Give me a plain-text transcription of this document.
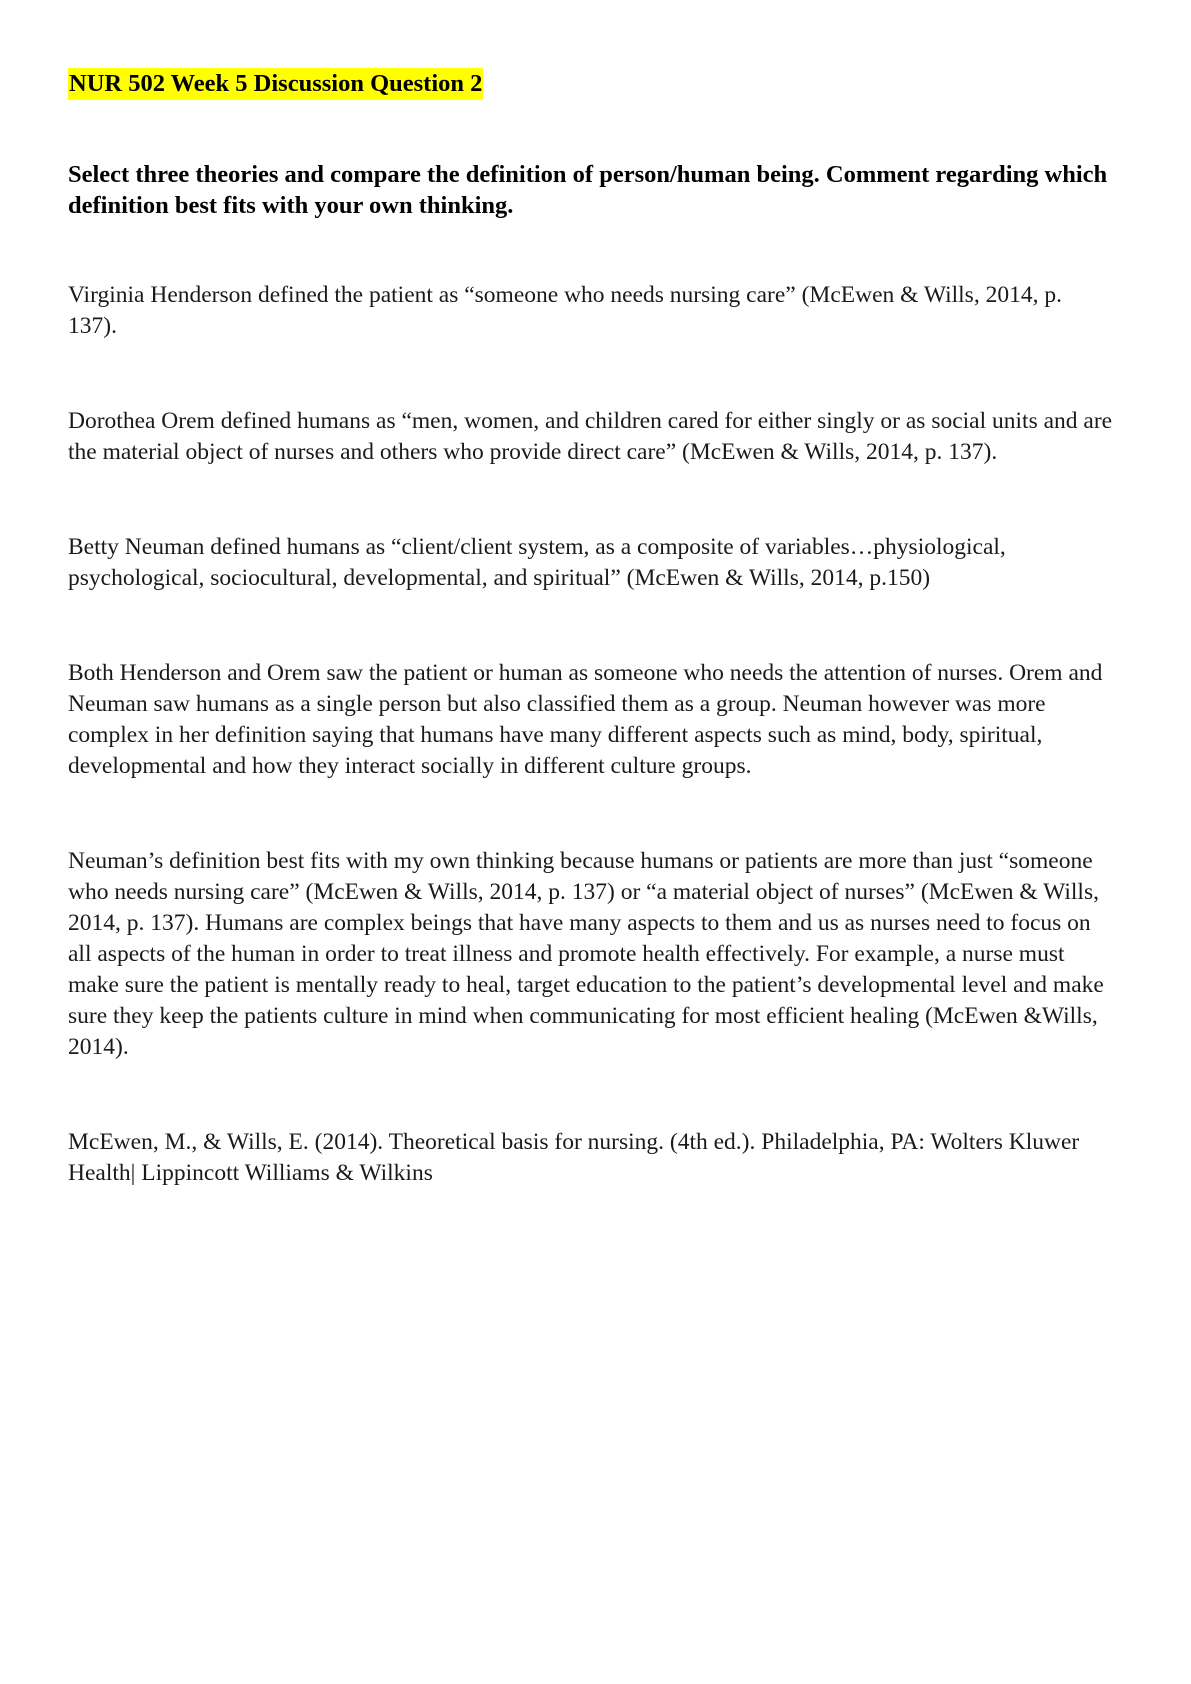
NUR 502 Week 5 Discussion Question 2

Select three theories and compare the definition of person/human being. Comment regarding which definition best fits with your own thinking.

Virginia Henderson defined the patient as “someone who needs nursing care” (McEwen & Wills, 2014, p. 137).

Dorothea Orem defined humans as “men, women, and children cared for either singly or as social units and are the material object of nurses and others who provide direct care” (McEwen & Wills, 2014, p. 137).

Betty Neuman defined humans as “client/client system, as a composite of variables…physiological, psychological, sociocultural, developmental, and spiritual” (McEwen & Wills, 2014, p.150)

Both Henderson and Orem saw the patient or human as someone who needs the attention of nurses. Orem and Neuman saw humans as a single person but also classified them as a group. Neuman however was more complex in her definition saying that humans have many different aspects such as mind, body, spiritual, developmental and how they interact socially in different culture groups.

Neuman’s definition best fits with my own thinking because humans or patients are more than just “someone who needs nursing care” (McEwen & Wills, 2014, p. 137) or “a material object of nurses” (McEwen & Wills, 2014, p. 137). Humans are complex beings that have many aspects to them and us as nurses need to focus on all aspects of the human in order to treat illness and promote health effectively. For example, a nurse must make sure the patient is mentally ready to heal, target education to the patient’s developmental level and make sure they keep the patients culture in mind when communicating for most efficient healing (McEwen &Wills, 2014).

McEwen, M., & Wills, E. (2014). Theoretical basis for nursing. (4th ed.). Philadelphia, PA: Wolters Kluwer Health| Lippincott Williams & Wilkins
